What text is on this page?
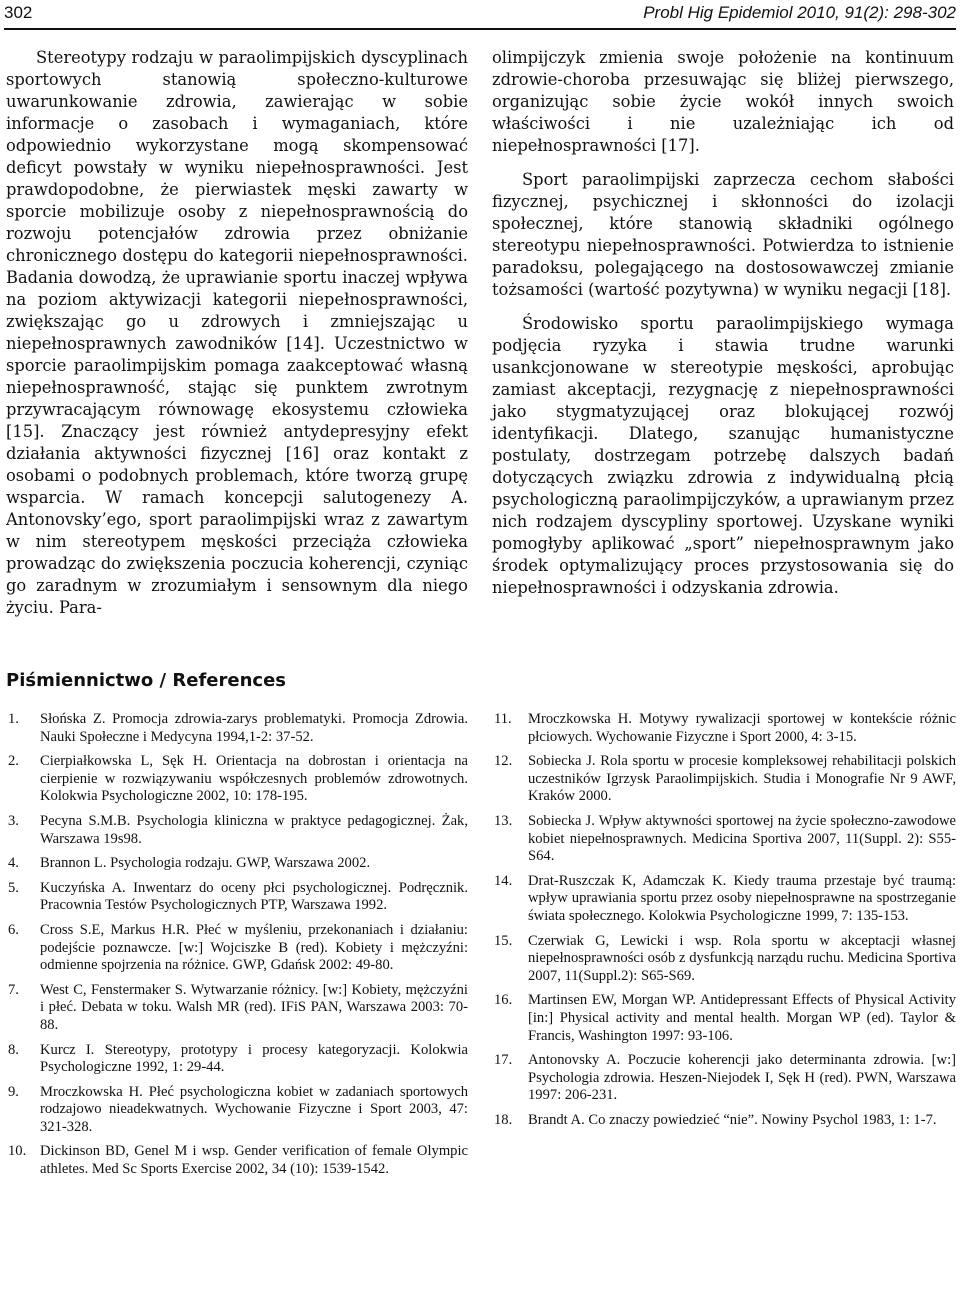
302	Probl Hig Epidemiol 2010, 91(2): 298-302

Stereotypy rodzaju w paraolimpijskich dyscyplinach sportowych stanowią społeczno-kulturowe uwarunkowanie zdrowia, zawierając w sobie informacje o zasobach i wymaganiach, które odpowiednio wykorzystane mogą skompensować deficyt powstały w wyniku niepełnosprawności. Jest prawdopodobne, że pierwiastek męski zawarty w sporcie mobilizuje osoby z niepełnosprawnością do rozwoju potencjałów zdrowia przez obniżanie chronicznego dostępu do kategorii niepełnosprawności. Badania dowodzą, że uprawianie sportu inaczej wpływa na poziom aktywizacji kategorii niepełnosprawności, zwiększając go u zdrowych i zmniejszając u niepełnosprawnych zawodników [14]. Uczestnictwo w sporcie paraolimpijskim pomaga zaakceptować własną niepełnosprawność, stając się punktem zwrotnym przywracającym równowagę ekosystemu człowieka [15]. Znaczący jest również antydepresyjny efekt działania aktywności fizycznej [16] oraz kontakt z osobami o podobnych problemach, które tworzą grupę wsparcia. W ramach koncepcji salutogenezy A. Antonovsky’ego, sport paraolimpijski wraz z zawartym w nim stereotypem męskości przeciąża człowieka prowadząc do zwiększenia poczucia koherencji, czyniąc go zaradnym w zrozumiałym i sensownym dla niego życiu. Para-

olimpijczyk zmienia swoje położenie na kontinuum zdrowie-choroba przesuwając się bliżej pierwszego, organizując sobie życie wokół innych swoich właściwości i nie uzależniając ich od niepełnosprawności [17].

Sport paraolimpijski zaprzecza cechom słabości fizycznej, psychicznej i skłonności do izolacji społecznej, które stanowią składniki ogólnego stereotypu niepełnosprawności. Potwierdza to istnienie paradoksu, polegającego na dostosowawczej zmianie tożsamości (wartość pozytywna) w wyniku negacji [18].

Środowisko sportu paraolimpijskiego wymaga podjęcia ryzyka i stawia trudne warunki usankcjonowane w stereotypie męskości, aprobując zamiast akceptacji, rezygnację z niepełnosprawności jako stygmatyzującej oraz blokującej rozwój identyfikacji. Dlatego, szanując humanistyczne postulaty, dostrzegam potrzebę dalszych badań dotyczących związku zdrowia z indywidualną płcią psychologiczną paraolimpijczyków, a uprawianym przez nich rodzajem dyscypliny sportowej. Uzyskane wyniki pomogłyby aplikować „sport” niepełnosprawnym jako środek optymalizujący proces przystosowania się do niepełnosprawności i odzyskania zdrowia.

Piśmiennictwo / References
1.	Słońska Z. Promocja zdrowia-zarys problematyki. Promocja Zdrowia. Nauki Społeczne i Medycyna 1994,1-2: 37-52.
2.	Cierpiałkowska L, Sęk H. Orientacja na dobrostan i orientacja na cierpienie w rozwiązywaniu współczesnych problemów zdrowotnych. Kolokwia Psychologiczne 2002, 10: 178-195.
3.	Pecyna S.M.B. Psychologia kliniczna w praktyce pedagogicznej. Żak, Warszawa 19s98.
4.	Brannon L. Psychologia rodzaju. GWP, Warszawa 2002.
5.	Kuczyńska A. Inwentarz do oceny płci psychologicznej. Podręcznik. Pracownia Testów Psychologicznych PTP, Warszawa 1992.
6.	Cross S.E, Markus H.R. Płeć w myśleniu, przekonaniach i działaniu: podejście poznawcze. [w:] Wojciszke B (red). Kobiety i mężczyźni: odmienne spojrzenia na różnice. GWP, Gdańsk 2002: 49-80.
7.	West C, Fenstermaker S. Wytwarzanie różnicy. [w:] Kobiety, mężczyźni i płeć. Debata w toku. Walsh MR (red). IFiS PAN, Warszawa 2003: 70-88.
8.	Kurcz I. Stereotypy, prototypy i procesy kategoryzacji. Kolokwia Psychologiczne 1992, 1: 29-44.
9.	Mroczkowska H. Płeć psychologiczna kobiet w zadaniach sportowych rodzajowo nieadekwatnych. Wychowanie Fizyczne i Sport 2003, 47: 321-328.
10. Dickinson BD, Genel M i wsp. Gender verification of female Olympic athletes. Med Sc Sports Exercise 2002, 34 (10): 1539-1542.
11.	Mroczkowska H. Motywy rywalizacji sportowej w kontekście różnic płciowych. Wychowanie Fizyczne i Sport 2000, 4: 3-15.
12.	Sobiecka J. Rola sportu w procesie kompleksowej rehabilitacji polskich uczestników Igrzysk Paraolimpijskich. Studia i Monografie Nr 9 AWF, Kraków 2000.
13.	Sobiecka J. Wpływ aktywności sportowej na życie społeczno-zawodowe kobiet niepełnosprawnych. Medicina Sportiva 2007, 11(Suppl. 2): S55-S64.
14.	Drat-Ruszczak K, Adamczak K. Kiedy trauma przestaje być traumą: wpływ uprawiania sportu przez osoby niepełnosprawne na spostrzeganie świata społecznego. Kolokwia Psychologiczne 1999, 7: 135-153.
15.	Czerwiak G, Lewicki i wsp. Rola sportu w akceptacji własnej niepełnosprawności osób z dysfunkcją narządu ruchu. Medicina Sportiva 2007, 11(Suppl.2): S65-S69.
16.	Martinsen EW, Morgan WP. Antidepressant Effects of Physical Activity [in:] Physical activity and mental health. Morgan WP (ed). Taylor & Francis, Washington 1997: 93-106.
17.	Antonovsky A. Poczucie koherencji jako determinanta zdrowia. [w:] Psychologia zdrowia. Heszen-Niejodek I, Sęk H (red). PWN, Warszawa 1997: 206-231.
18.	Brandt A. Co znaczy powiedzieć “nie”. Nowiny Psychol 1983, 1: 1-7.
